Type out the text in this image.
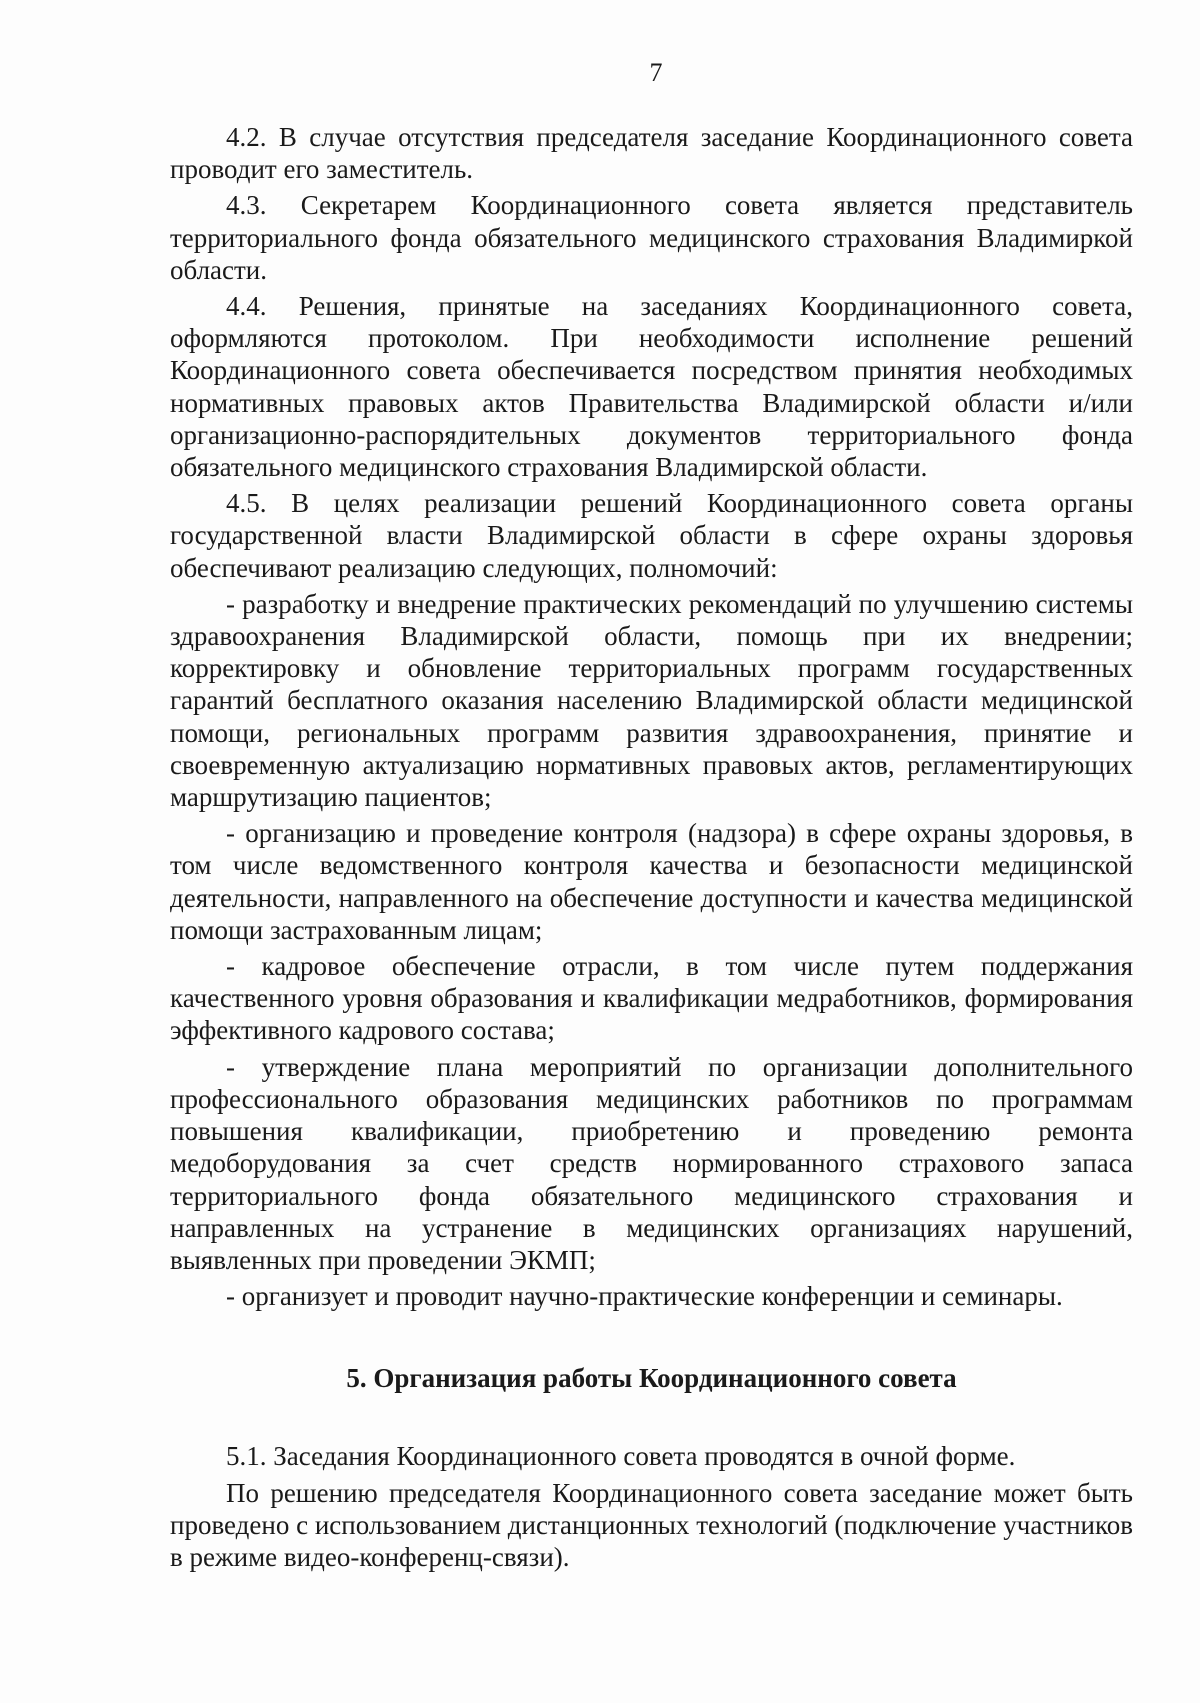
7

4.2. В случае отсутствия председателя заседание Координационного совета проводит его заместитель.

4.3. Секретарем Координационного совета является представитель территориального фонда обязательного медицинского страхования Владимиркой области.

4.4. Решения, принятые на заседаниях Координационного совета, оформляются протоколом. При необходимости исполнение решений Координационного совета обеспечивается посредством принятия необходимых нормативных правовых актов Правительства Владимирской области и/или организационно-распорядительных документов территориального фонда обязательного медицинского страхования Владимирской области.

4.5. В целях реализации решений Координационного совета органы государственной власти Владимирской области в сфере охраны здоровья обеспечивают реализацию следующих, полномочий:

- разработку и внедрение практических рекомендаций по улучшению системы здравоохранения Владимирской области, помощь при их внедрении; корректировку и обновление территориальных программ государственных гарантий бесплатного оказания населению Владимирской области медицинской помощи, региональных программ развития здравоохранения, принятие и своевременную актуализацию нормативных правовых актов, регламентирующих маршрутизацию пациентов;

- организацию и проведение контроля (надзора) в сфере охраны здоровья, в том числе ведомственного контроля качества и безопасности медицинской деятельности, направленного на обеспечение доступности и качества медицинской помощи застрахованным лицам;

- кадровое обеспечение отрасли, в том числе путем поддержания качественного уровня образования и квалификации медработников, формирования эффективного кадрового состава;

- утверждение плана мероприятий по организации дополнительного профессионального образования медицинских работников по программам повышения квалификации, приобретению и проведению ремонта медоборудования за счет средств нормированного страхового запаса территориального фонда обязательного медицинского страхования и направленных на устранение в медицинских организациях нарушений, выявленных при проведении ЭКМП;

- организует и проводит научно-практические конференции и семинары.

5. Организация работы Координационного совета

5.1. Заседания Координационного совета проводятся в очной форме.

По решению председателя Координационного совета заседание может быть проведено с использованием дистанционных технологий (подключение участников в режиме видео-конференц-связи).
